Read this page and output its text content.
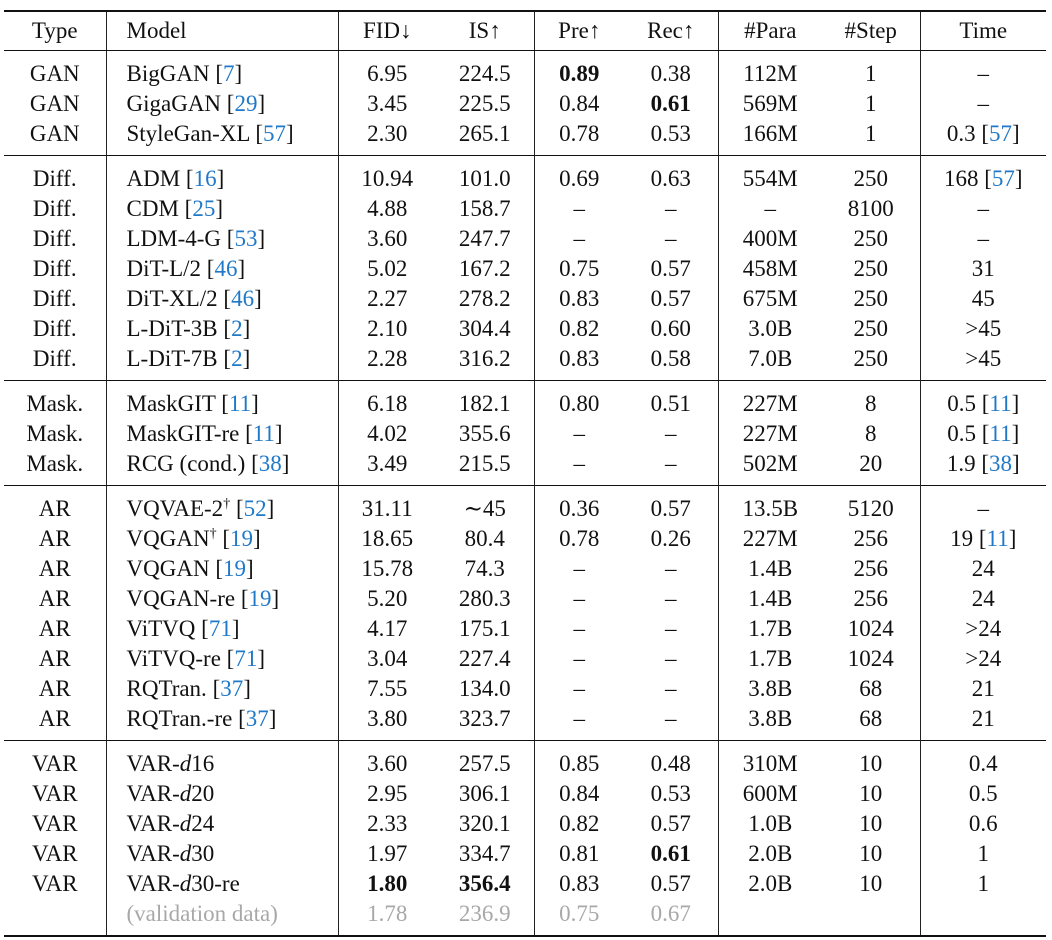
Type	Model	FID↓	IS↑	Pre↑	Rec↑	#Para	#Step	Time
GAN	BigGAN [7]	6.95	224.5	0.89	0.38	112M	1	–
GAN	GigaGAN [29]	3.45	225.5	0.84	0.61	569M	1	–
GAN	StyleGan-XL [57]	2.30	265.1	0.78	0.53	166M	1	0.3 [57]
Diff.	ADM [16]	10.94	101.0	0.69	0.63	554M	250	168 [57]
Diff.	CDM [25]	4.88	158.7	–	–	–	8100	–
Diff.	LDM-4-G [53]	3.60	247.7	–	–	400M	250	–
Diff.	DiT-L/2 [46]	5.02	167.2	0.75	0.57	458M	250	31
Diff.	DiT-XL/2 [46]	2.27	278.2	0.83	0.57	675M	250	45
Diff.	L-DiT-3B [2]	2.10	304.4	0.82	0.60	3.0B	250	>45
Diff.	L-DiT-7B [2]	2.28	316.2	0.83	0.58	7.0B	250	>45
Mask.	MaskGIT [11]	6.18	182.1	0.80	0.51	227M	8	0.5 [11]
Mask.	MaskGIT-re [11]	4.02	355.6	–	–	227M	8	0.5 [11]
Mask.	RCG (cond.) [38]	3.49	215.5	–	–	502M	20	1.9 [38]
AR	VQVAE-2† [52]	31.11	∼45	0.36	0.57	13.5B	5120	–
AR	VQGAN† [19]	18.65	80.4	0.78	0.26	227M	256	19 [11]
AR	VQGAN [19]	15.78	74.3	–	–	1.4B	256	24
AR	VQGAN-re [19]	5.20	280.3	–	–	1.4B	256	24
AR	ViTVQ [71]	4.17	175.1	–	–	1.7B	1024	>24
AR	ViTVQ-re [71]	3.04	227.4	–	–	1.7B	1024	>24
AR	RQTran. [37]	7.55	134.0	–	–	3.8B	68	21
AR	RQTran.-re [37]	3.80	323.7	–	–	3.8B	68	21
VAR	VAR-d16	3.60	257.5	0.85	0.48	310M	10	0.4
VAR	VAR-d20	2.95	306.1	0.84	0.53	600M	10	0.5
VAR	VAR-d24	2.33	320.1	0.82	0.57	1.0B	10	0.6
VAR	VAR-d30	1.97	334.7	0.81	0.61	2.0B	10	1
VAR	VAR-d30-re	1.80	356.4	0.83	0.57	2.0B	10	1
	(validation data)	1.78	236.9	0.75	0.67			
